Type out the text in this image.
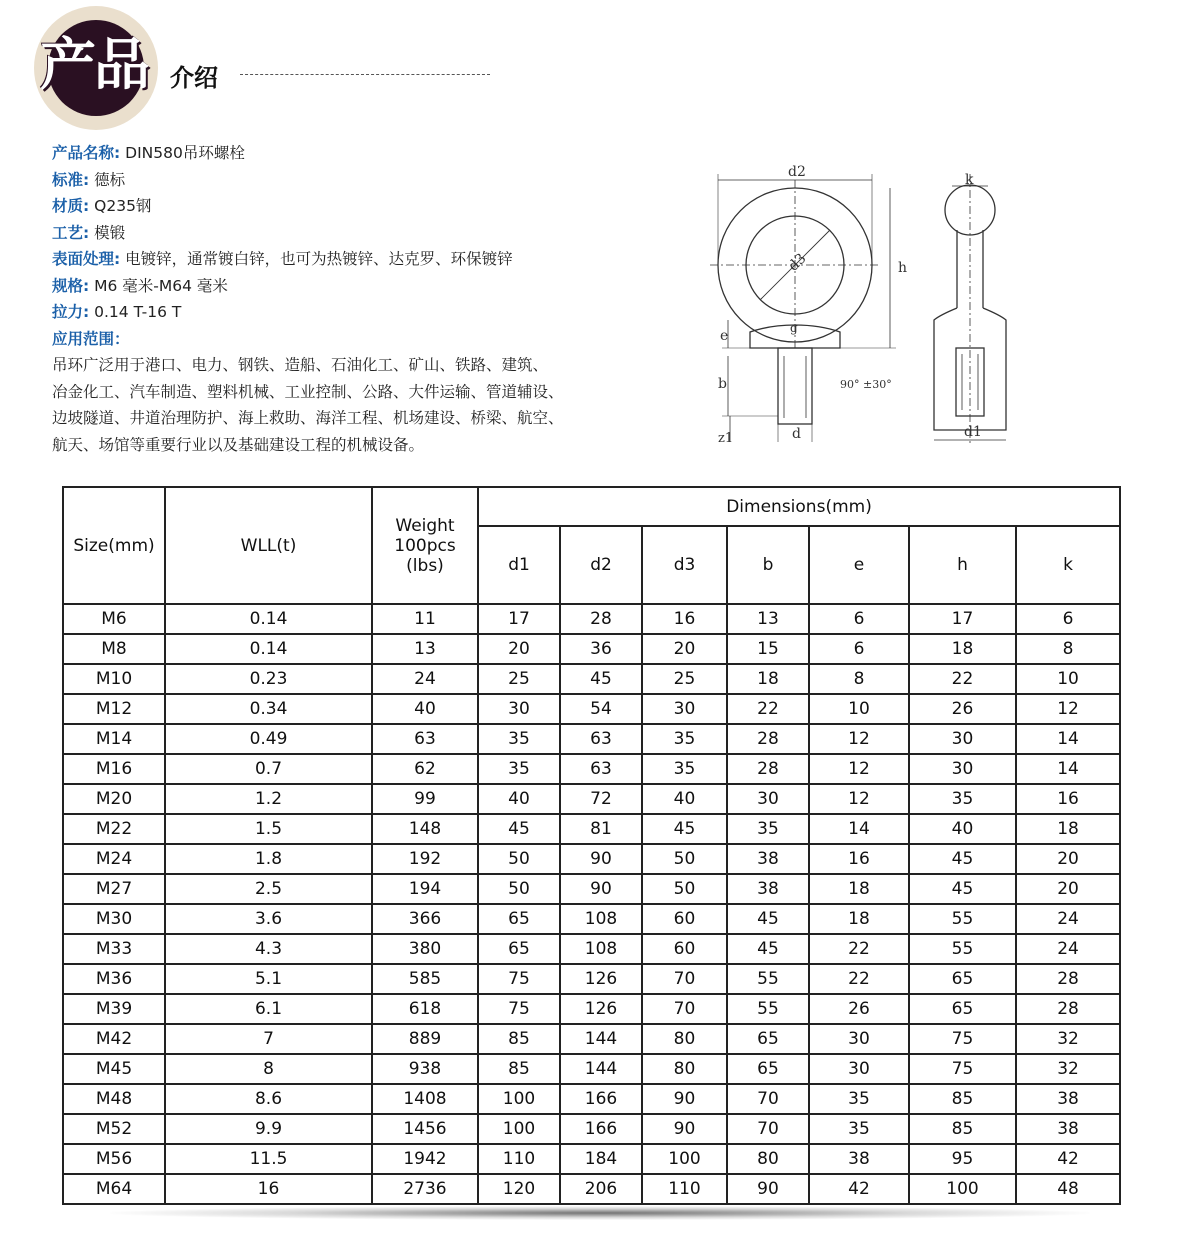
产品 介绍
产品名称: DIN580吊环螺栓
标准: 德标
材质: Q235钢
工艺: 模锻
表面处理: 电镀锌，通常镀白锌，也可为热镀锌、达克罗、环保镀锌
规格: M6 毫米-M64 毫米
拉力: 0.14 T-16 T
应用范围：
吊环广泛用于港口、电力、钢铁、造船、石油化工、矿山、铁路、建筑、
冶金化工、汽车制造、塑料机械、工业控制、公路、大件运输、管道辅设、
边坡隧道、井道治理防护、海上救助、海洋工程、机场建设、桥梁、航空、
航天、场馆等重要行业以及基础建设工程的机械设备。
d2
d3
g
h
e
b
z1	d
90° ±30°
k
d1
Size(mm)	WLL(t)	Weight
100pcs
(lbs)	Dimensions(mm)						
			d1	d2	d3	b	e	h	k
M6	0.14	11	17	28	16	13	6	17	6
M8	0.14	13	20	36	20	15	6	18	8
M10	0.23	24	25	45	25	18	8	22	10
M12	0.34	40	30	54	30	22	10	26	12
M14	0.49	63	35	63	35	28	12	30	14
M16	0.7	62	35	63	35	28	12	30	14
M20	1.2	99	40	72	40	30	12	35	16
M22	1.5	148	45	81	45	35	14	40	18
M24	1.8	192	50	90	50	38	16	45	20
M27	2.5	194	50	90	50	38	18	45	20
M30	3.6	366	65	108	60	45	18	55	24
M33	4.3	380	65	108	60	45	22	55	24
M36	5.1	585	75	126	70	55	22	65	28
M39	6.1	618	75	126	70	55	26	65	28
M42	7	889	85	144	80	65	30	75	32
M45	8	938	85	144	80	65	30	75	32
M48	8.6	1408	100	166	90	70	35	85	38
M52	9.9	1456	100	166	90	70	35	85	38
M56	11.5	1942	110	184	100	80	38	95	42
M64	16	2736	120	206	110	90	42	100	48
